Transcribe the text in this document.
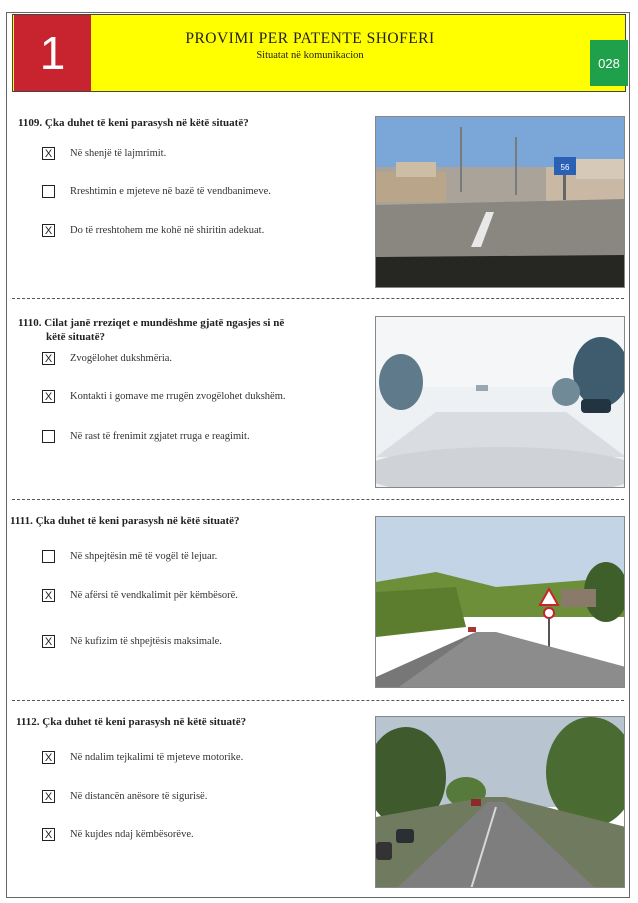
1	PROVIMI PER PATENTE SHOFERI
Situatat në komunikacion	028
1109. Çka duhet të keni parasysh në këtë situatë?
X Në shenjë të lajmrimit.
Rreshtimin e mjeteve në bazë të vendbanimeve.
X Do të rreshtohem me kohë në shiritin adekuat.
56
1110. Cilat janë rreziqet e mundëshme gjatë ngasjes si në
këtë situatë?
X Zvogëlohet dukshmëria.
X Kontakti i gomave me rrugën zvogëlohet dukshëm.
Në rast të frenimit zgjatet rruga e reagimit.
1111. Çka duhet të keni parasysh në këtë situatë?
Në shpejtësin më të vogël të lejuar.
X Në afërsi të vendkalimit për këmbësorë.
X Në kufizim të shpejtësis maksimale.
1112. Çka duhet të keni parasysh në këtë situatë?
X Në ndalim tejkalimi të mjeteve motorike.
X Në distancën anësore të sigurisë.
X Në kujdes ndaj këmbësorëve.
